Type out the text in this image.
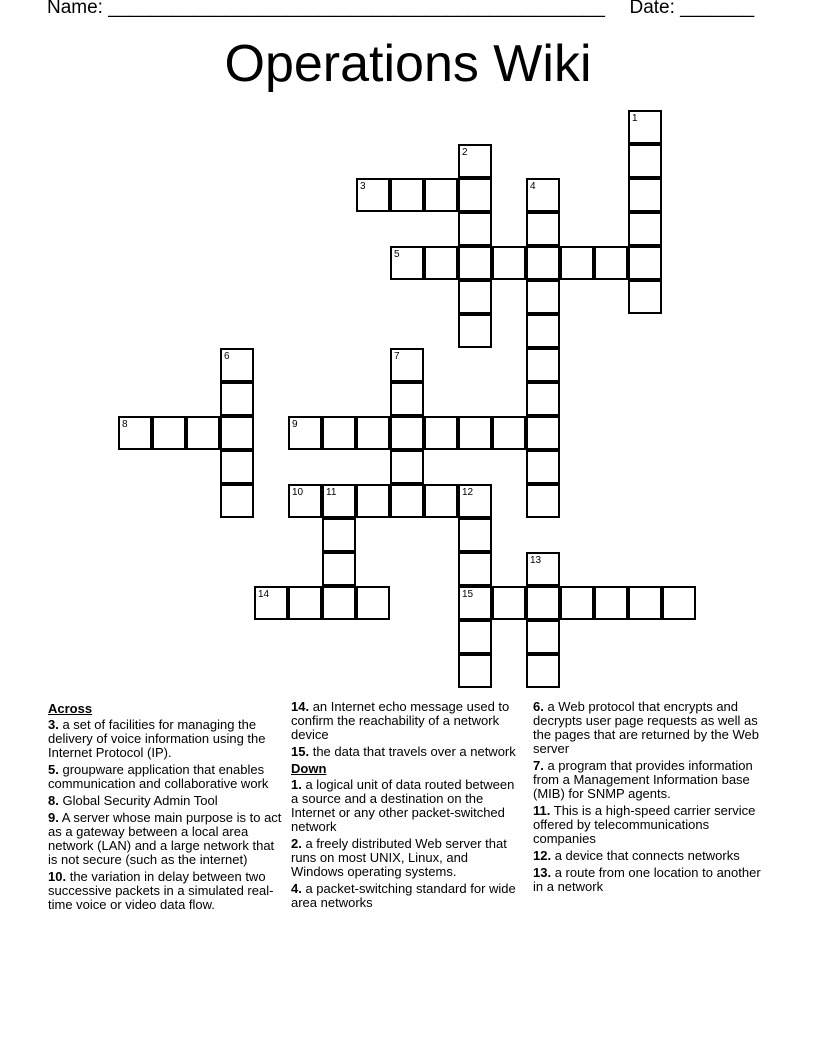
Name: _______________________________________________ Date: _______
Operations Wiki
1
2
3	4
5
6	7
8	9
10 11	12
15
13
14
Across
3. a set of facilities for managing the delivery of voice information using the Internet Protocol (IP).
5. groupware application that enables communication and collaborative work
8. Global Security Admin Tool
9. A server whose main purpose is to act as a gateway between a local area network (LAN) and a large network that is not secure (such as the internet)
10. the variation in delay between two successive packets in a simulated real-time voice or video data flow.
14. an Internet echo message used to confirm the reachability of a network device
15. the data that travels over a network
Down
1. a logical unit of data routed between a source and a destination on the Internet or any other packet-switched network
2. a freely distributed Web server that runs on most UNIX, Linux, and Windows operating systems.
4. a packet-switching standard for wide area networks
6. a Web protocol that encrypts and decrypts user page requests as well as the pages that are returned by the Web server
7. a program that provides information from a Management Information base (MIB) for SNMP agents.
11. This is a high-speed carrier service offered by telecommunications companies
12. a device that connects networks
13. a route from one location to another in a network
